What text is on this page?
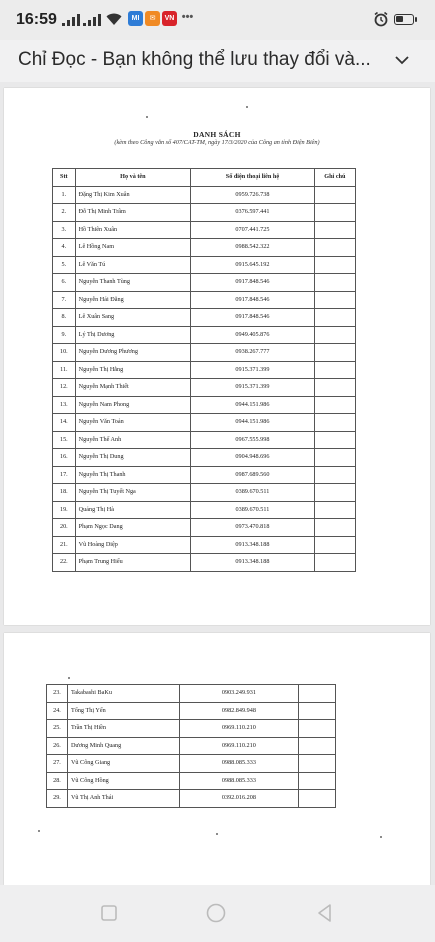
16:59	MI	✉	VN •••
Chỉ Đọc - Bạn không thể lưu thay đổi và...
DANH SÁCH
(kèm theo Công văn số 407/CAT-TM, ngày 17/3/2020 của Công an tỉnh Điện Biên)
Stt	Họ và tên	Số điện thoại liên hệ	Ghi chú
1.	Đặng Thị Kim Xuân	0959.726.738	
2.	Đỗ Thị Minh Trâm	0376.597.441	
3.	Hồ Thiên Xuân	0707.441.725	
4.	Lê Hồng Nam	0988.542.322	
5.	Lê Văn Tú	0915.645.192	
6.	Nguyễn Thanh Tùng	0917.848.546	
7.	Nguyễn Hải Đăng	0917.848.546	
8.	Lê Xuân Sang	0917.848.546	
9.	Lý Thị Dương	0949.405.876	
10.	Nguyễn Dương Phương	0938.267.777	
11.	Nguyễn Thị Hằng	0915.371.399	
12.	Nguyễn Mạnh Thiết	0915.371.399	
13.	Nguyễn Nam Phong	0944.151.986	
14.	Nguyễn Văn Toản	0944.151.986	
15.	Nguyễn Thế Anh	0967.555.998	
16.	Nguyễn Thị Dung	0904.948.696	
17.	Nguyễn Thị Thanh	0987.689.560	
18.	Nguyễn Thị Tuyết Nga	0389.670.511	
19.	Quảng Thị Hà	0389.670.511	
20.	Phạm Ngọc Dang	0973.470.818	
21.	Vũ Hoàng Diệp	0913.348.188	
22.	Phạm Trung Hiếu	0913.348.188	
23.	Takabashi BaKu	0903.249.931	
24.	Tống Thị Yến	0982.849.948	
25.	Trần Thị Hiền	0969.110.210	
26.	Dương Minh Quang	0969.110.210	
27.	Vũ Công Giang	0988.085.333	
28.	Vũ Công Hồng	0988.085.333	
29.	Vũ Thị Anh Thái	0392.016.208	
